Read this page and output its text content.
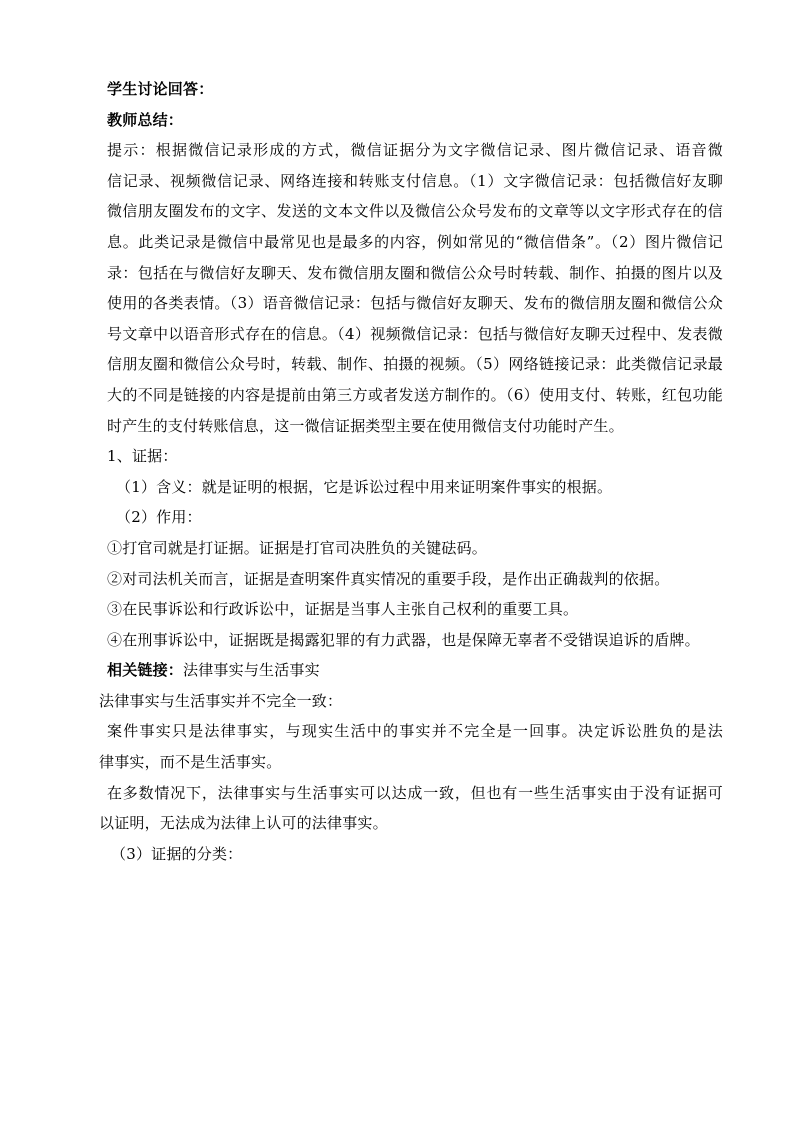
学生讨论回答：
教师总结：
提示：根据微信记录形成的方式，微信证据分为文字微信记录、图片微信记录、语音微
信记录、视频微信记录、网络连接和转账支付信息。（1）文字微信记录：包括微信好友聊
微信朋友圈发布的文字、发送的文本文件以及微信公众号发布的文章等以文字形式存在的信
息。此类记录是微信中最常见也是最多的内容，例如常见的“微信借条”。（2）图片微信记
录：包括在与微信好友聊天、发布微信朋友圈和微信公众号时转载、制作、拍摄的图片以及
使用的各类表情。（3）语音微信记录：包括与微信好友聊天、发布的微信朋友圈和微信公众
号文章中以语音形式存在的信息。（4）视频微信记录：包括与微信好友聊天过程中、发表微
信朋友圈和微信公众号时，转载、制作、拍摄的视频。（5）网络链接记录：此类微信记录最
大的不同是链接的内容是提前由第三方或者发送方制作的。（6）使用支付、转账，红包功能
时产生的支付转账信息，这一微信证据类型主要在使用微信支付功能时产生。
1、证据：
（1）含义：就是证明的根据，它是诉讼过程中用来证明案件事实的根据。
（2）作用：
①打官司就是打证据。证据是打官司决胜负的关键砝码。
②对司法机关而言，证据是查明案件真实情况的重要手段，是作出正确裁判的依据。
③在民事诉讼和行政诉讼中，证据是当事人主张自己权利的重要工具。
④在刑事诉讼中，证据既是揭露犯罪的有力武器，也是保障无辜者不受错误追诉的盾牌。
相关链接：法律事实与生活事实
法律事实与生活事实并不完全一致：
案件事实只是法律事实，与现实生活中的事实并不完全是一回事。决定诉讼胜负的是法
律事实，而不是生活事实。
在多数情况下，法律事实与生活事实可以达成一致，但也有一些生活事实由于没有证据可
以证明，无法成为法律上认可的法律事实。
（3）证据的分类：
